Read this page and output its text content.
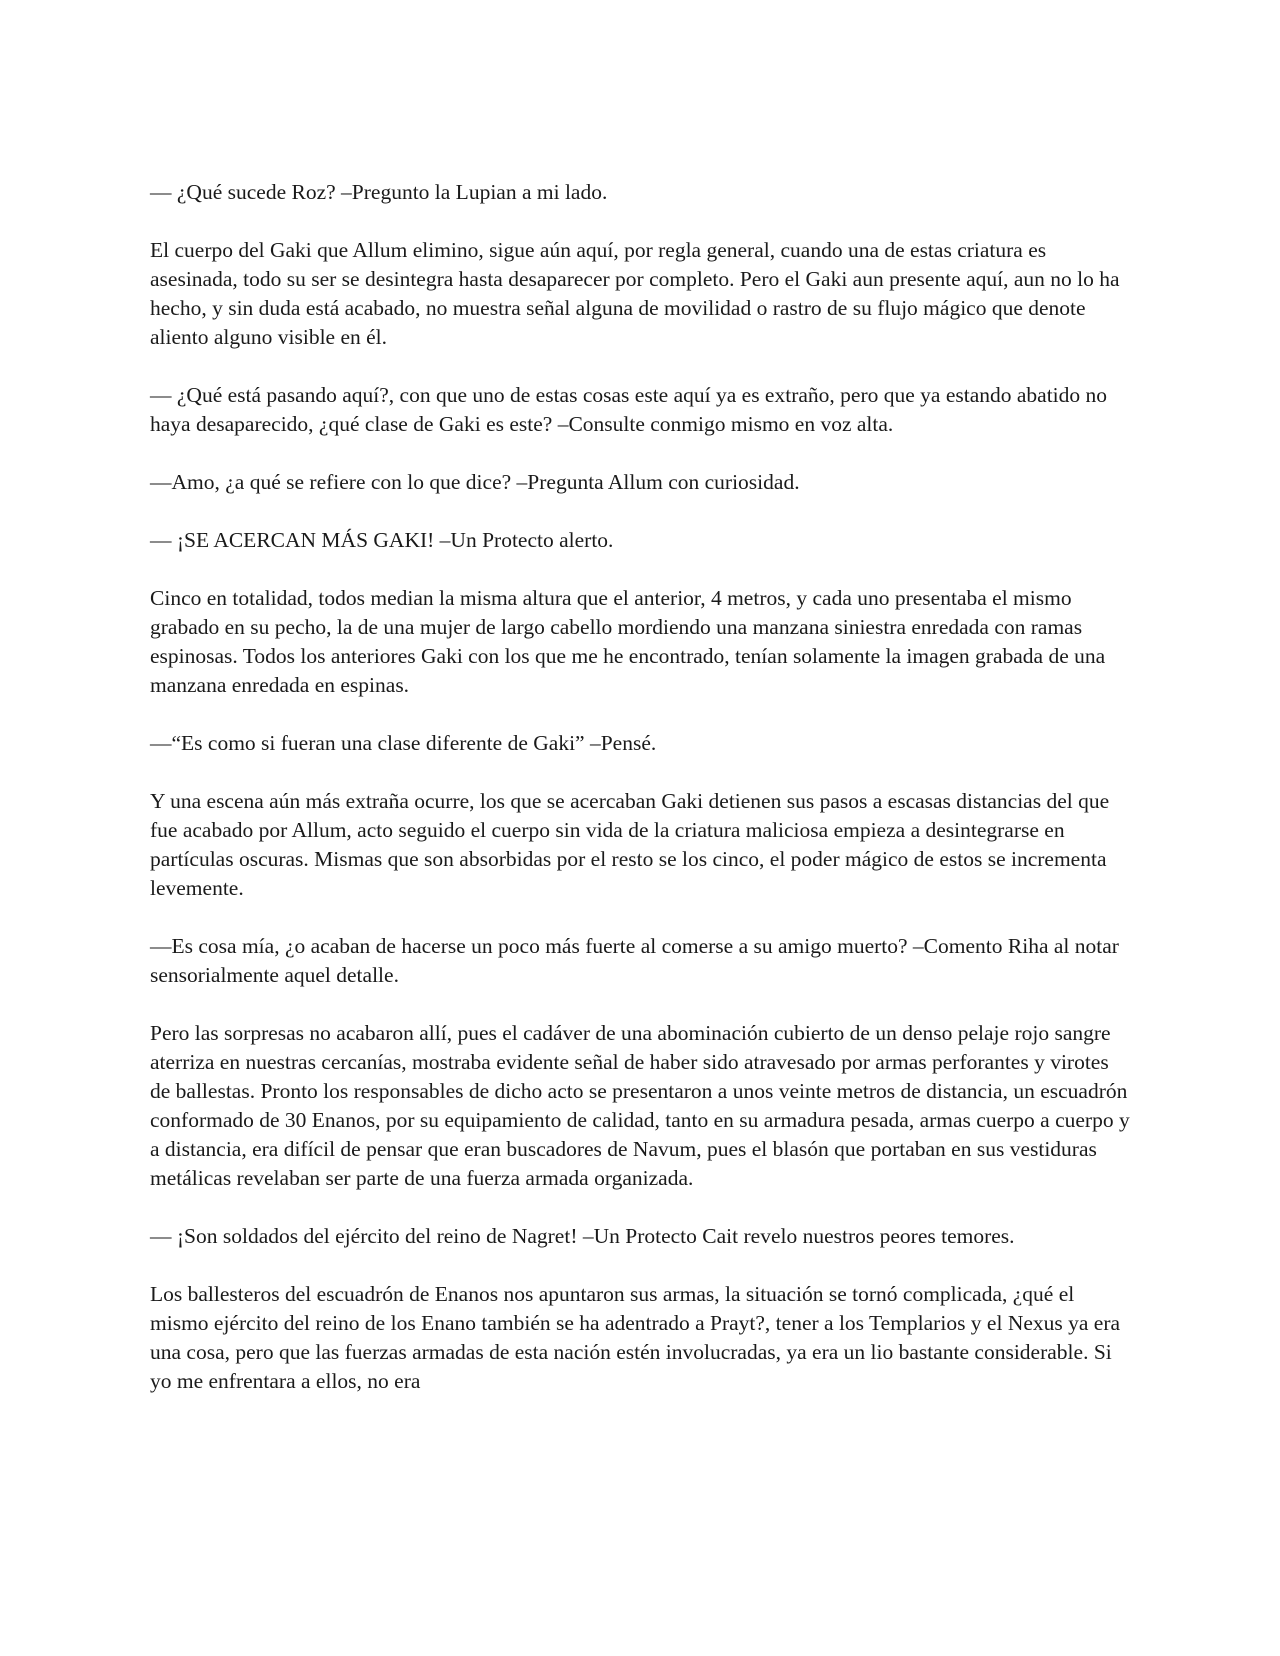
— ¿Qué sucede Roz? –Pregunto la Lupian a mi lado.

El cuerpo del Gaki que Allum elimino, sigue aún aquí, por regla general, cuando una de estas criatura es asesinada, todo su ser se desintegra hasta desaparecer por completo. Pero el Gaki aun presente aquí, aun no lo ha hecho, y sin duda está acabado, no muestra señal alguna de movilidad o rastro de su flujo mágico que denote aliento alguno visible en él.

— ¿Qué está pasando aquí?, con que uno de estas cosas este aquí ya es extraño, pero que ya estando abatido no haya desaparecido, ¿qué clase de Gaki es este? –Consulte conmigo mismo en voz alta.

—Amo, ¿a qué se refiere con lo que dice? –Pregunta Allum con curiosidad.

— ¡SE ACERCAN MÁS GAKI! –Un Protecto alerto.

Cinco en totalidad, todos median la misma altura que el anterior, 4 metros, y cada uno presentaba el mismo grabado en su pecho, la de una mujer de largo cabello mordiendo una manzana siniestra enredada con ramas espinosas. Todos los anteriores Gaki con los que me he encontrado, tenían solamente la imagen grabada de una manzana enredada en espinas.

—“Es como si fueran una clase diferente de Gaki” –Pensé.

Y una escena aún más extraña ocurre, los que se acercaban Gaki detienen sus pasos a escasas distancias del que fue acabado por Allum, acto seguido el cuerpo sin vida de la criatura maliciosa empieza a desintegrarse en partículas oscuras. Mismas que son absorbidas por el resto se los cinco, el poder mágico de estos se incrementa levemente.

—Es cosa mía, ¿o acaban de hacerse un poco más fuerte al comerse a su amigo muerto? –Comento Riha al notar sensorialmente aquel detalle.

Pero las sorpresas no acabaron allí, pues el cadáver de una abominación cubierto de un denso pelaje rojo sangre aterriza en nuestras cercanías, mostraba evidente señal de haber sido atravesado por armas perforantes y virotes de ballestas. Pronto los responsables de dicho acto se presentaron a unos veinte metros de distancia, un escuadrón conformado de 30 Enanos, por su equipamiento de calidad, tanto en su armadura pesada, armas cuerpo a cuerpo y a distancia, era difícil de pensar que eran buscadores de Navum, pues el blasón que portaban en sus vestiduras metálicas revelaban ser parte de una fuerza armada organizada.

— ¡Son soldados del ejército del reino de Nagret! –Un Protecto Cait revelo nuestros peores temores.

Los ballesteros del escuadrón de Enanos nos apuntaron sus armas, la situación se tornó complicada, ¿qué el mismo ejército del reino de los Enano también se ha adentrado a Prayt?, tener a los Templarios y el Nexus ya era una cosa, pero que las fuerzas armadas de esta nación estén involucradas, ya era un lio bastante considerable. Si yo me enfrentara a ellos, no era
